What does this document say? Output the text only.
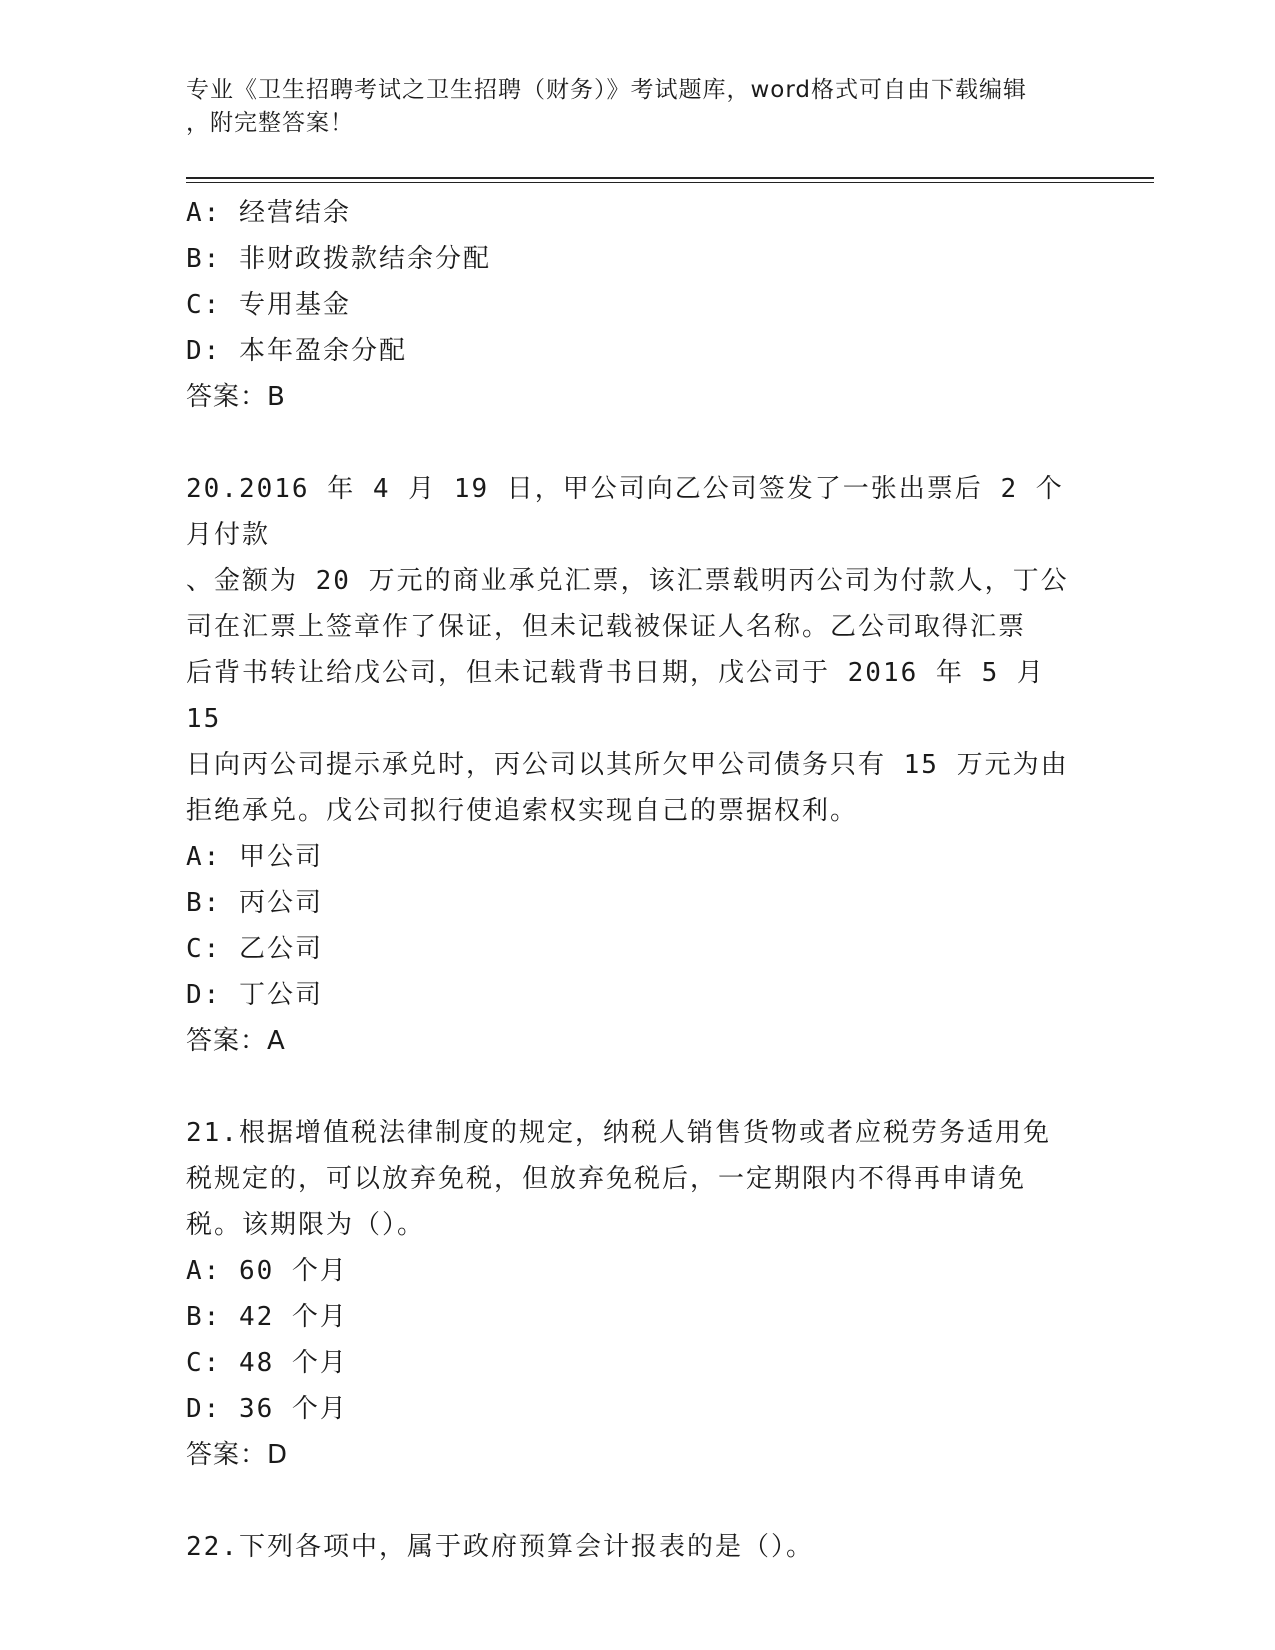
专业《卫生招聘考试之卫生招聘（财务）》考试题库，word格式可自由下载编辑
，附完整答案！
A: 经营结余
B: 非财政拨款结余分配
C: 专用基金
D: 本年盈余分配
答案：B
20.2016 年 4 月 19 日，甲公司向乙公司签发了一张出票后 2 个月付款
、金额为 20 万元的商业承兑汇票，该汇票载明丙公司为付款人，丁公
司在汇票上签章作了保证，但未记载被保证人名称。乙公司取得汇票
后背书转让给戊公司，但未记载背书日期，戊公司于 2016 年 5 月 15
日向丙公司提示承兑时，丙公司以其所欠甲公司债务只有 15 万元为由
拒绝承兑。戊公司拟行使追索权实现自己的票据权利。
A: 甲公司
B: 丙公司
C: 乙公司
D: 丁公司
答案：A
21.根据增值税法律制度的规定，纳税人销售货物或者应税劳务适用免
税规定的，可以放弃免税，但放弃免税后，一定期限内不得再申请免
税。该期限为（）。
A: 60 个月
B: 42 个月
C: 48 个月
D: 36 个月
答案：D
22.下列各项中，属于政府预算会计报表的是（）。
